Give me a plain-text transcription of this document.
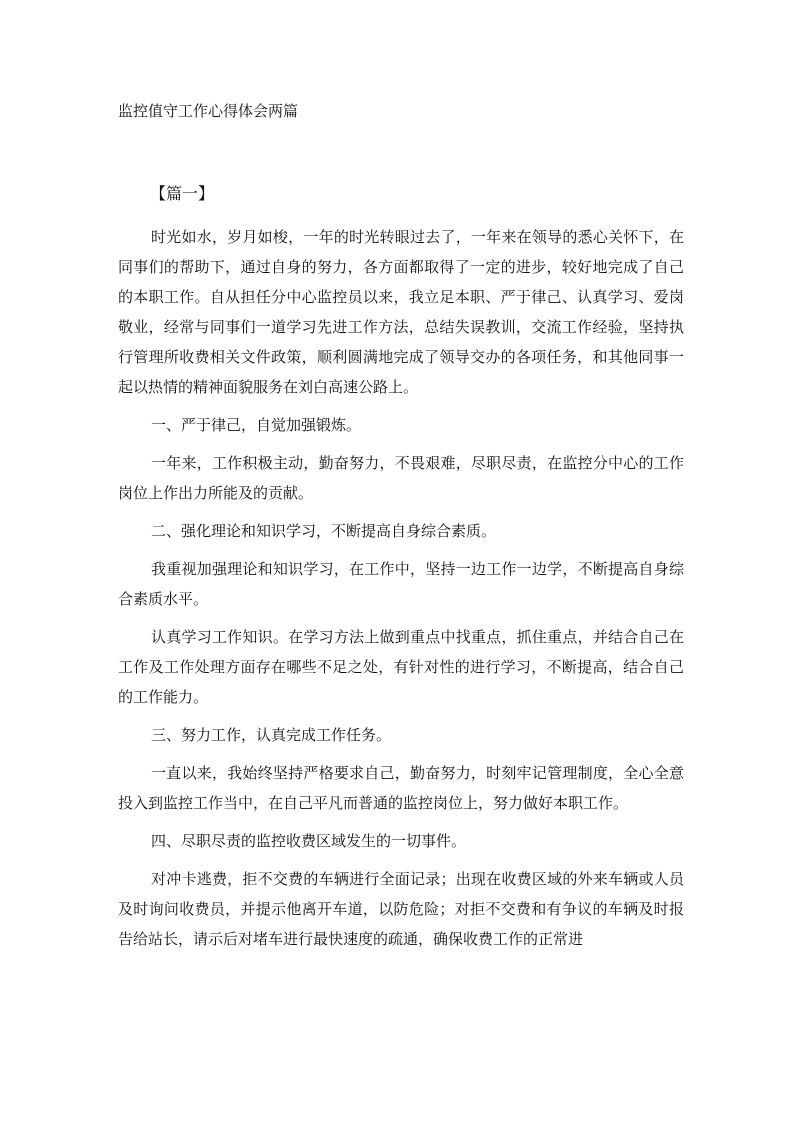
监控值守工作心得体会两篇
【篇一】

时光如水，岁月如梭，一年的时光转眼过去了，一年来在领导的悉心关怀下，在同事们的帮助下，通过自身的努力，各方面都取得了一定的进步，较好地完成了自己的本职工作。自从担任分中心监控员以来，我立足本职、严于律己、认真学习、爱岗敬业，经常与同事们一道学习先进工作方法，总结失误教训，交流工作经验，坚持执行管理所收费相关文件政策，顺利圆满地完成了领导交办的各项任务，和其他同事一起以热情的精神面貌服务在刘白高速公路上。

一、严于律己，自觉加强锻炼。

一年来，工作积极主动，勤奋努力，不畏艰难，尽职尽责，在监控分中心的工作岗位上作出力所能及的贡献。

二、强化理论和知识学习，不断提高自身综合素质。

我重视加强理论和知识学习，在工作中，坚持一边工作一边学，不断提高自身综合素质水平。

认真学习工作知识。在学习方法上做到重点中找重点，抓住重点，并结合自己在工作及工作处理方面存在哪些不足之处，有针对性的进行学习，不断提高，结合自己的工作能力。

三、努力工作，认真完成工作任务。

一直以来，我始终坚持严格要求自己，勤奋努力，时刻牢记管理制度，全心全意投入到监控工作当中，在自己平凡而普通的监控岗位上，努力做好本职工作。

四、尽职尽责的监控收费区域发生的一切事件。

对冲卡逃费，拒不交费的车辆进行全面记录；出现在收费区域的外来车辆或人员及时询问收费员，并提示他离开车道，以防危险；对拒不交费和有争议的车辆及时报告给站长，请示后对堵车进行最快速度的疏通，确保收费工作的正常进
